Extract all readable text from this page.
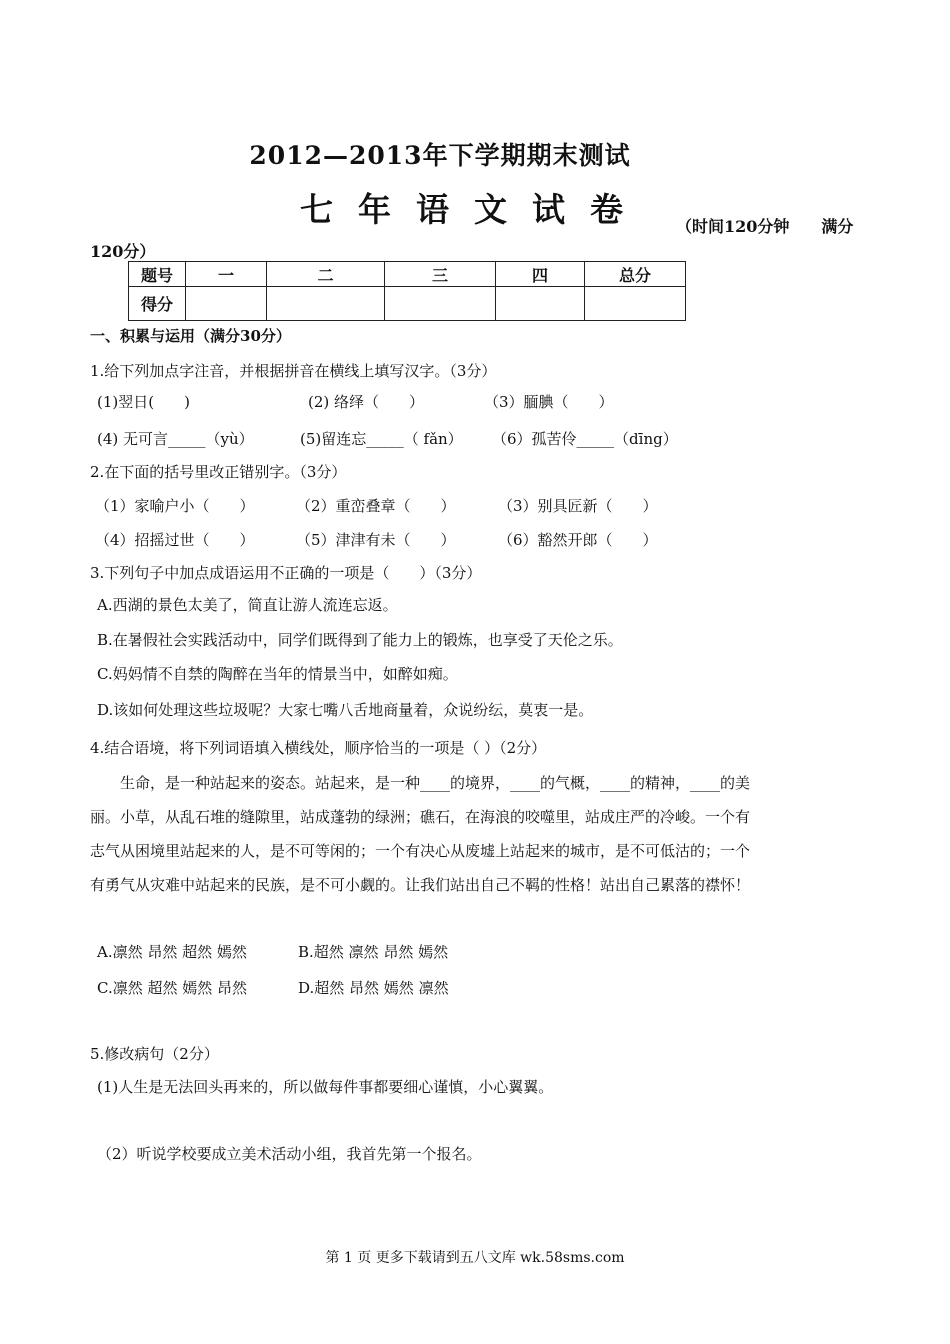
2012—2013年下学期期末测试
七年语文试卷 （时间120分钟　　满分
120分）
题号	一	二	三	四	总分
得分					
一、积累与运用（满分30分）
1.给下列加点字注音，并根据拼音在横线上填写汉字。（3分）
(1)翌日(　　)	(2) 络绎（　　）	（3）腼腆（　　）
(4) 无可言_____（yù）	(5)留连忘_____（ fǎn） （6）孤苦伶_____（dīng）
2.在下面的括号里改正错别字。（3分）
（1）家喻户小（　　）	（2）重峦叠章（　　）	（3）别具匠新（　　）
（4）招摇过世（　　）	（5）津津有未（　　）	（6）豁然开郎（　　）
3.下列句子中加点成语运用不正确的一项是（　　）（3分）
A.西湖的景色太美了，简直让游人流连忘返。
B.在暑假社会实践活动中，同学们既得到了能力上的锻炼，也享受了天伦之乐。
C.妈妈情不自禁的陶醉在当年的情景当中，如醉如痴。
D.该如何处理这些垃圾呢？大家七嘴八舌地商量着，众说纷纭，莫衷一是。
4.结合语境，将下列词语填入横线处，顺序恰当的一项是（ ）（2分）
生命，是一种站起来的姿态。站起来，是一种____的境界，____的气概，____的精神，____的美丽。小草，从乱石堆的缝隙里，站成蓬勃的绿洲；礁石，在海浪的咬噬里，站成庄严的冷峻。一个有志气从困境里站起来的人，是不可等闲的；一个有决心从废墟上站起来的城市，是不可低沽的；一个有勇气从灾难中站起来的民族，是不可小觑的。让我们站出自己不羁的性格！站出自己累落的襟怀！
A.凛然 昂然 超然 嫣然	B.超然 凛然 昂然 嫣然
C.凛然 超然 嫣然 昂然	D.超然 昂然 嫣然 凛然
5.修改病句（2分）
(1)人生是无法回头再来的，所以做每件事都要细心谨慎，小心翼翼。
（2）听说学校要成立美术活动小组，我首先第一个报名。
第 1 页 更多下载请到五八文库 wk.58sms.com
